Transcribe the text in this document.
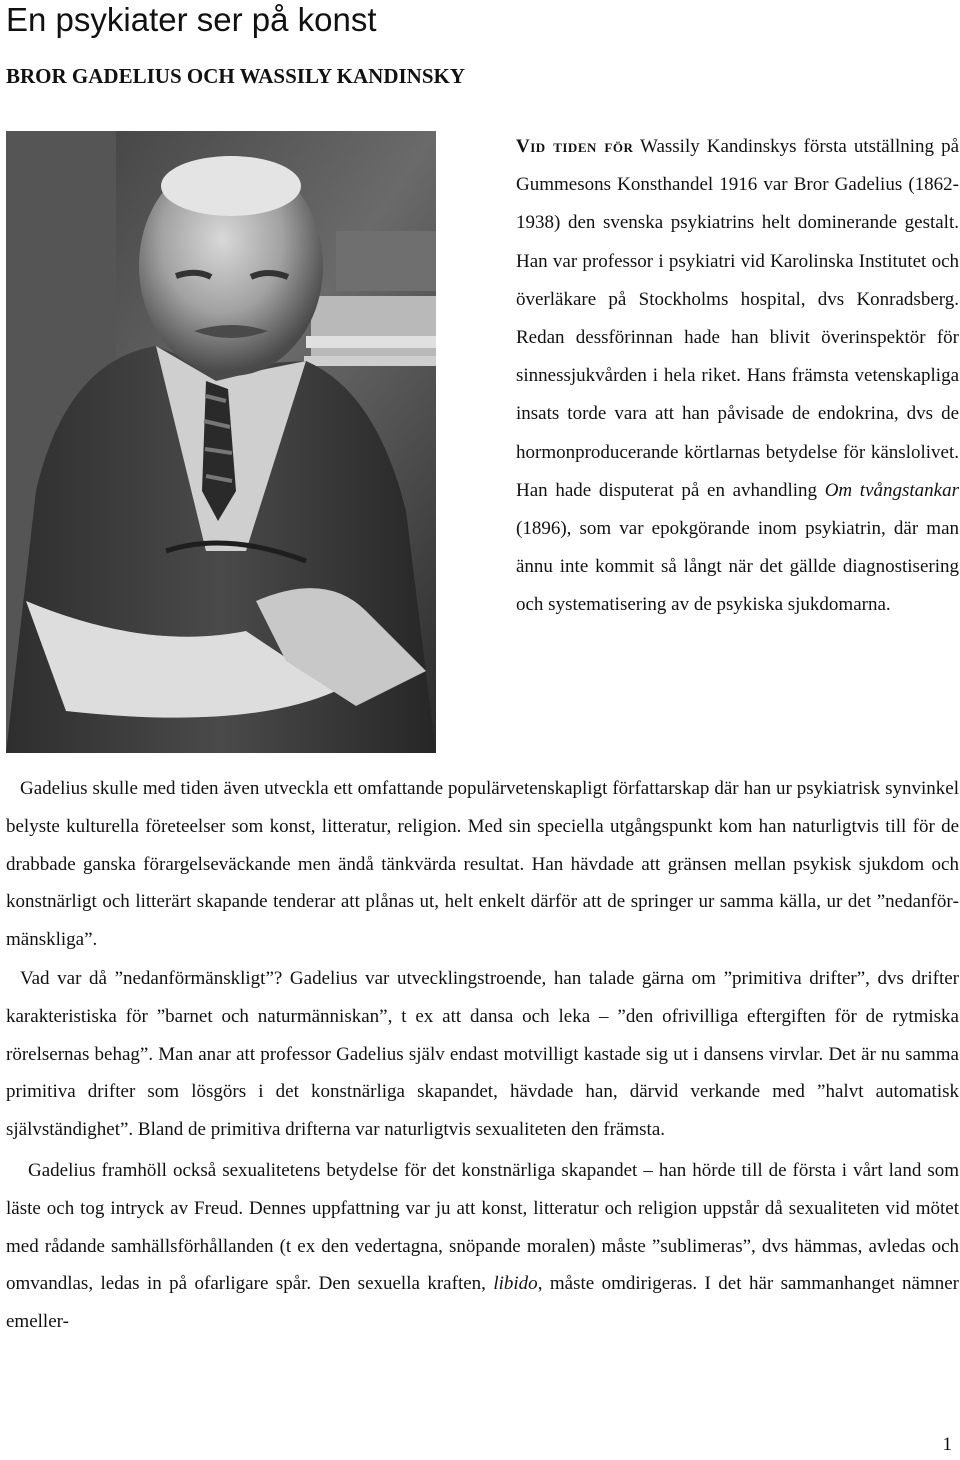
En psykiater ser på konst
BROR GADELIUS OCH WASSILY KANDINSKY

Vid tiden för Wassily Kandinskys första utställning på Gummesons Konsthandel 1916 var Bror Gadelius (1862-1938) den svenska psykiatrins helt dominerande gestalt. Han var professor i psykiatri vid Karolinska Institutet och överläkare på Stockholms hospital, dvs Konradsberg. Redan dessförinnan hade han blivit överinspektör för sinnessjukvården i hela riket. Hans främsta vetenskapliga insats torde vara att han påvisade de endokrina, dvs de hormonproducerande körtlarnas betydelse för känslolivet. Han hade disputerat på en avhandling Om tvångstankar (1896), som var epokgörande inom psykiatrin, där man ännu inte kommit så långt när det gällde diagnostisering och systematisering av de psykiska sjukdomarna.

Gadelius skulle med tiden även utveckla ett omfattande populärvetenskapligt författarskap där han ur psykiatrisk synvinkel belyste kulturella företeelser som konst, litteratur, religion. Med sin speciella utgångspunkt kom han naturligtvis till för de drabbade ganska förargelseväckande men ändå tänkvärda resultat. Han hävdade att gränsen mellan psykisk sjukdom och konstnärligt och litterärt skapande tenderar att plånas ut, helt enkelt därför att de springer ur samma källa, ur det ”nedanförmänskliga”.

Vad var då ”nedanförmänskligt”? Gadelius var utvecklingstroende, han talade gärna om ”primitiva drifter”, dvs drifter karakteristiska för ”barnet och naturmänniskan”, t ex att dansa och leka – ”den ofrivilliga eftergiften för de rytmiska rörelsernas behag”. Man anar att professor Gadelius själv endast motvilligt kastade sig ut i dansens virvlar. Det är nu samma primitiva drifter som lösgörs i det konstnärliga skapandet, hävdade han, därvid verkande med ”halvt automatisk självständighet”. Bland de primitiva drifterna var naturligtvis sexualiteten den främsta.

Gadelius framhöll också sexualitetens betydelse för det konstnärliga skapandet – han hörde till de första i vårt land som läste och tog intryck av Freud. Dennes uppfattning var ju att konst, litteratur och religion uppstår då sexualiteten vid mötet med rådande samhällsförhållanden (t ex den vedertagna, snöpande moralen) måste ”sublimeras”, dvs hämmas, avledas och omvandlas, ledas in på ofarligare spår. Den sexuella kraften, libido, måste omdirigeras. I det här sammanhanget nämner emeller-

1
